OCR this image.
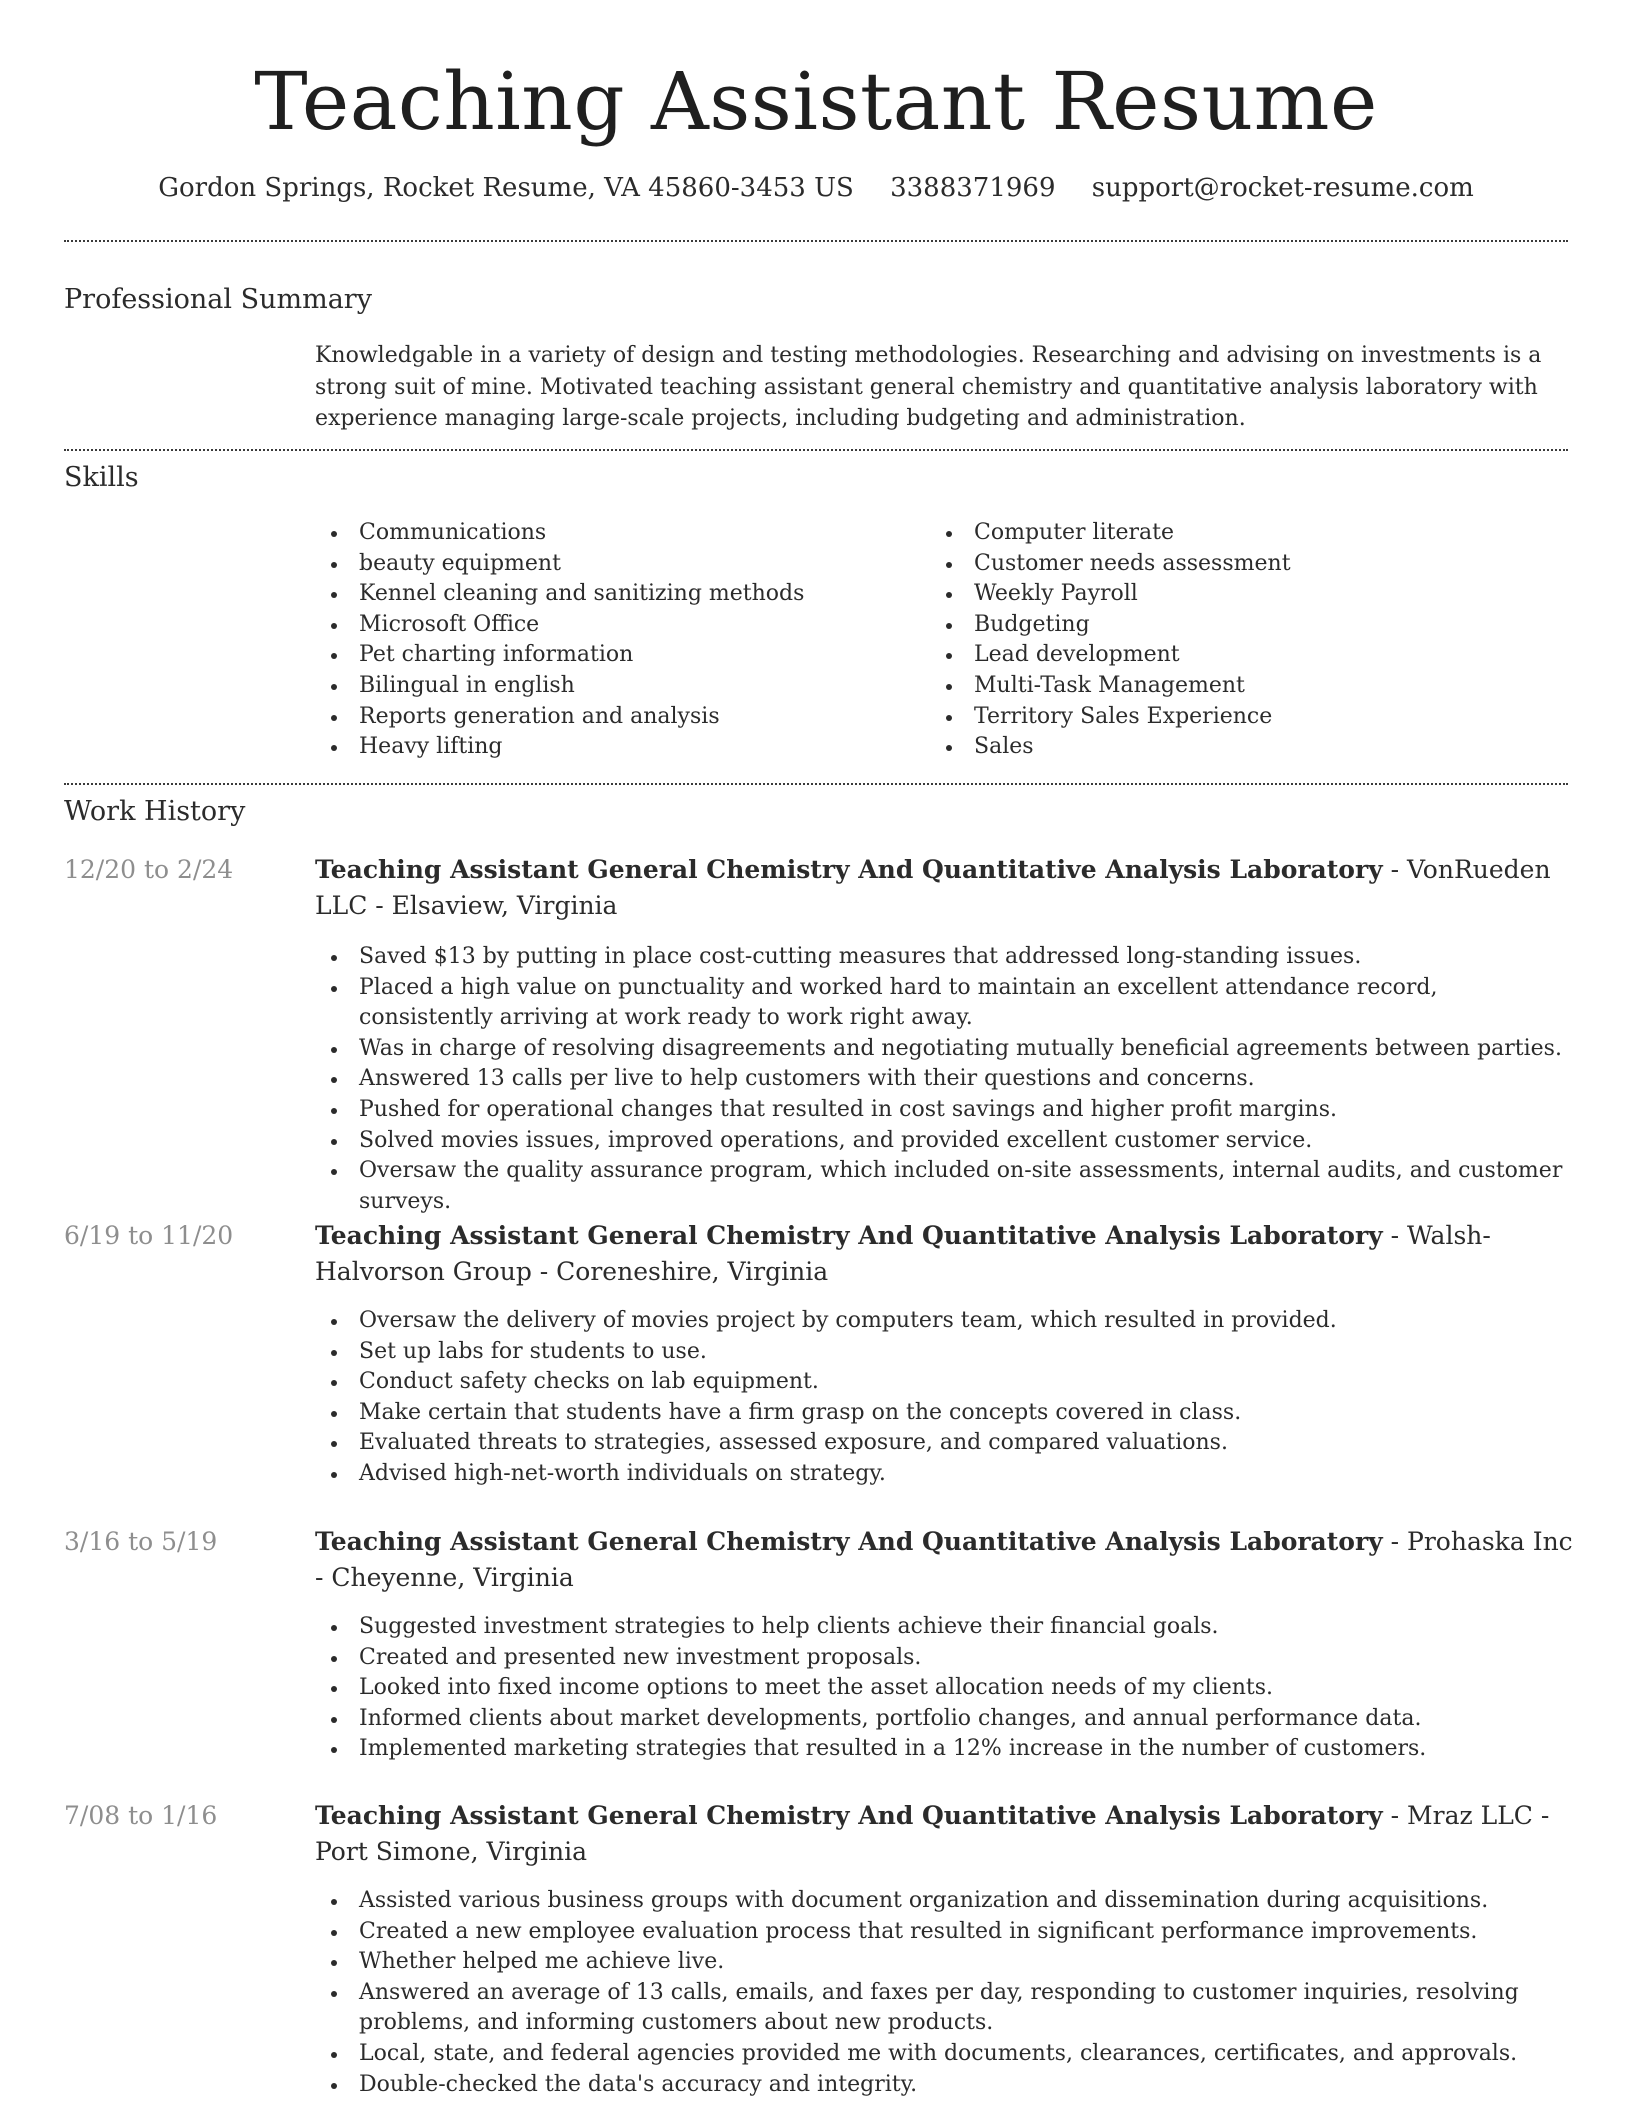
Teaching Assistant Resume
Gordon Springs, Rocket Resume, VA 45860-3453 US 3388371969 support@rocket-resume.com
Professional Summary

Knowledgable in a variety of design and testing methodologies. Researching and advising on investments is a strong suit of mine. Motivated teaching assistant general chemistry and quantitative analysis laboratory with experience managing large-scale projects, including budgeting and administration.

Skills
Communications
beauty equipment
Kennel cleaning and sanitizing methods
Microsoft Office
Pet charting information
Bilingual in english
Reports generation and analysis
Heavy lifting
Computer literate
Customer needs assessment
Weekly Payroll
Budgeting
Lead development
Multi-Task Management
Territory Sales Experience
Sales
Work History
12/20 to 2/24	Teaching Assistant General Chemistry And Quantitative Analysis Laboratory - VonRueden LLC - Elsaview, Virginia
Saved $13 by putting in place cost-cutting measures that addressed long-standing issues.
Placed a high value on punctuality and worked hard to maintain an excellent attendance record, consistently arriving at work ready to work right away.
Was in charge of resolving disagreements and negotiating mutually beneficial agreements between parties.
Answered 13 calls per live to help customers with their questions and concerns.
Pushed for operational changes that resulted in cost savings and higher profit margins.
Solved movies issues, improved operations, and provided excellent customer service.
Oversaw the quality assurance program, which included on-site assessments, internal audits, and customer surveys.
6/19 to 11/20	Teaching Assistant General Chemistry And Quantitative Analysis Laboratory - Walsh-Halvorson Group - Coreneshire, Virginia
Oversaw the delivery of movies project by computers team, which resulted in provided.
Set up labs for students to use.
Conduct safety checks on lab equipment.
Make certain that students have a firm grasp on the concepts covered in class.
Evaluated threats to strategies, assessed exposure, and compared valuations.
Advised high-net-worth individuals on strategy.
3/16 to 5/19	Teaching Assistant General Chemistry And Quantitative Analysis Laboratory - Prohaska Inc - Cheyenne, Virginia
Suggested investment strategies to help clients achieve their financial goals.
Created and presented new investment proposals.
Looked into fixed income options to meet the asset allocation needs of my clients.
Informed clients about market developments, portfolio changes, and annual performance data.
Implemented marketing strategies that resulted in a 12% increase in the number of customers.
7/08 to 1/16	Teaching Assistant General Chemistry And Quantitative Analysis Laboratory - Mraz LLC - Port Simone, Virginia
Assisted various business groups with document organization and dissemination during acquisitions.
Created a new employee evaluation process that resulted in significant performance improvements.
Whether helped me achieve live.
Answered an average of 13 calls, emails, and faxes per day, responding to customer inquiries, resolving problems, and informing customers about new products.
Local, state, and federal agencies provided me with documents, clearances, certificates, and approvals.
Double-checked the data's accuracy and integrity.
